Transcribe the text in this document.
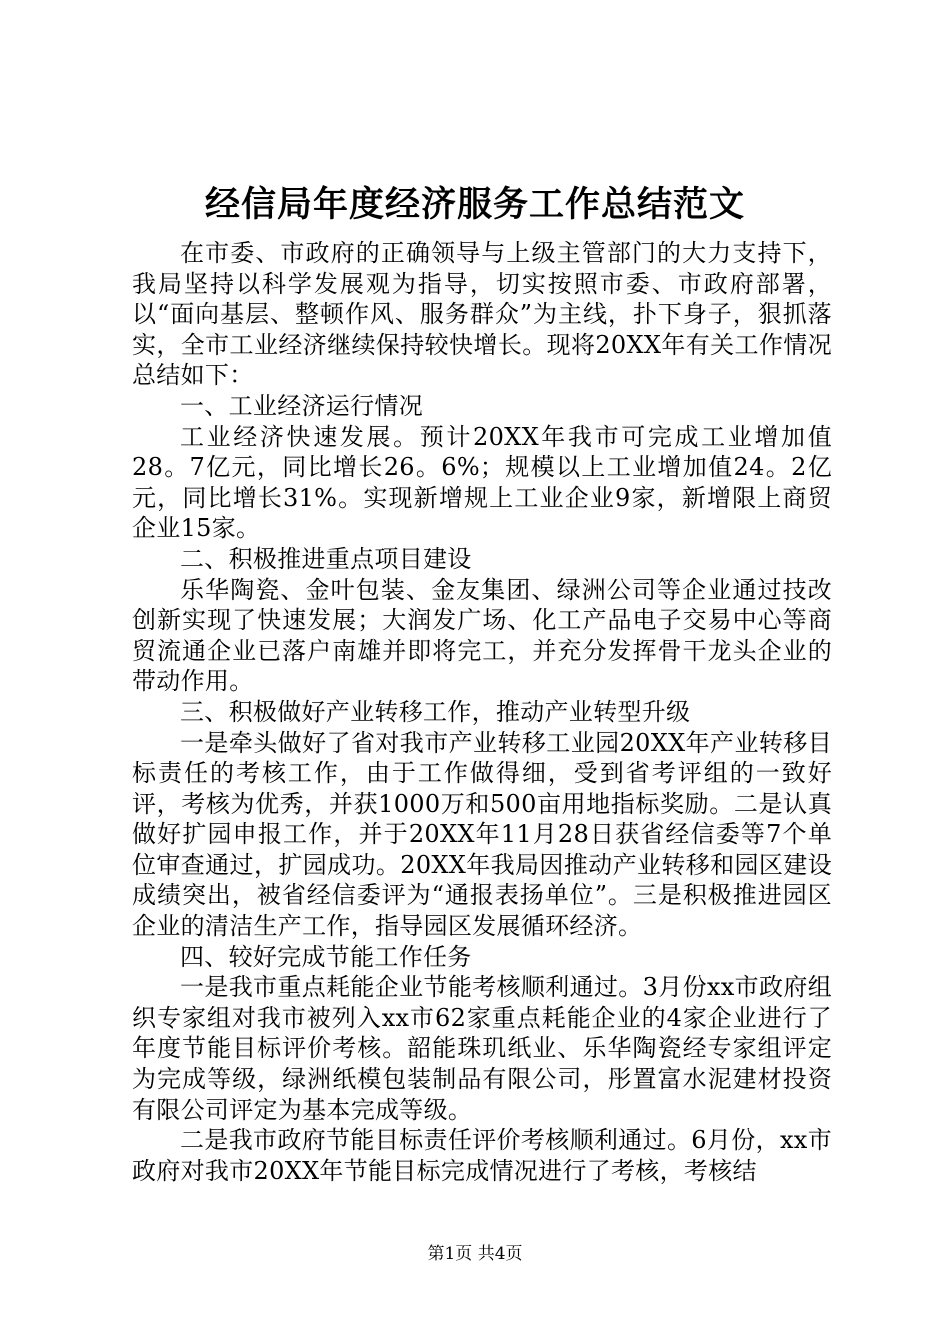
经信局年度经济服务工作总结范文

在市委、市政府的正确领导与上级主管部门的大力支持下，我局坚持以科学发展观为指导，切实按照市委、市政府部署，以“面向基层、整顿作风、服务群众”为主线，扑下身子，狠抓落实，全市工业经济继续保持较快增长。现将20XX年有关工作情况总结如下：

一、工业经济运行情况

工业经济快速发展。预计20XX年我市可完成工业增加值28。7亿元，同比增长26。6%；规模以上工业增加值24。2亿元，同比增长31%。实现新增规上工业企业9家，新增限上商贸企业15家。

二、积极推进重点项目建设

乐华陶瓷、金叶包装、金友集团、绿洲公司等企业通过技改创新实现了快速发展；大润发广场、化工产品电子交易中心等商贸流通企业已落户南雄并即将完工，并充分发挥骨干龙头企业的带动作用。

三、积极做好产业转移工作，推动产业转型升级

一是牵头做好了省对我市产业转移工业园20XX年产业转移目标责任的考核工作，由于工作做得细，受到省考评组的一致好评，考核为优秀，并获1000万和500亩用地指标奖励。二是认真做好扩园申报工作，并于20XX年11月28日获省经信委等7个单位审查通过，扩园成功。20XX年我局因推动产业转移和园区建设成绩突出，被省经信委评为“通报表扬单位”。三是积极推进园区企业的清洁生产工作，指导园区发展循环经济。

四、较好完成节能工作任务

一是我市重点耗能企业节能考核顺利通过。3月份xx市政府组织专家组对我市被列入xx市62家重点耗能企业的4家企业进行了年度节能目标评价考核。韶能珠玑纸业、乐华陶瓷经专家组评定为完成等级，绿洲纸模包装制品有限公司，彤置富水泥建材投资有限公司评定为基本完成等级。

二是我市政府节能目标责任评价考核顺利通过。6月份，xx市政府对我市20XX年节能目标完成情况进行了考核，考核结

第1页 共4页
